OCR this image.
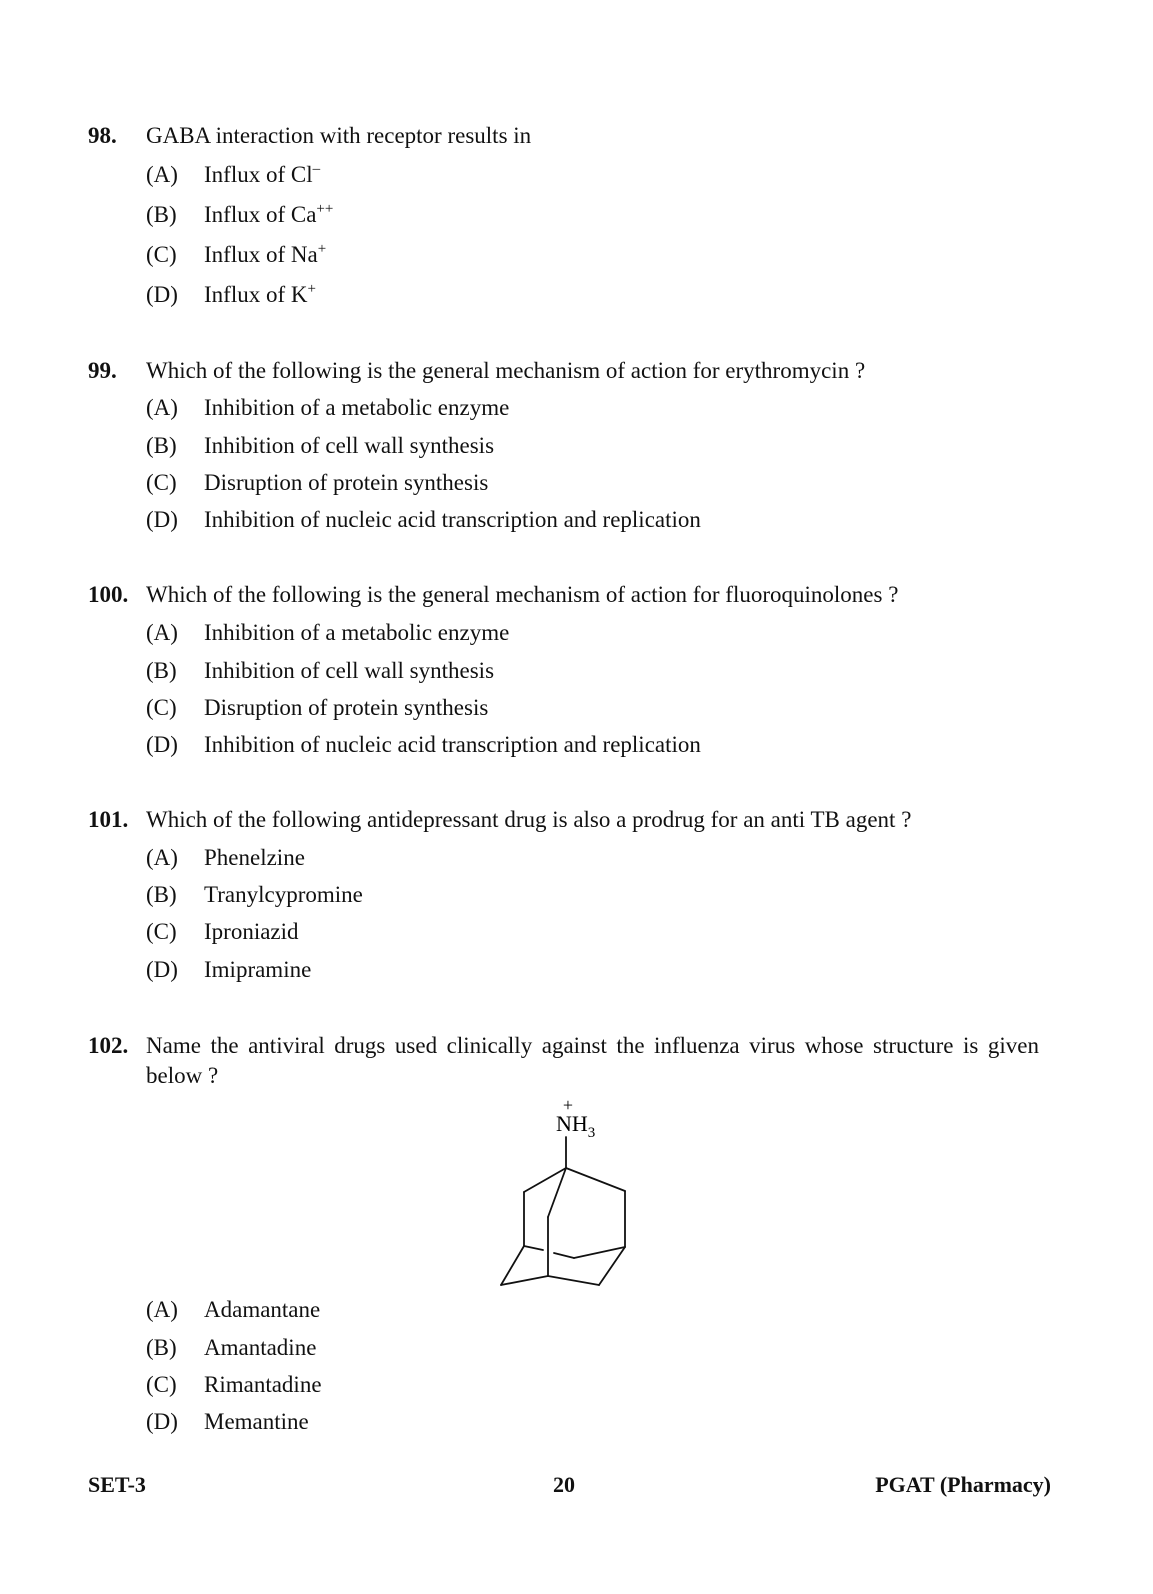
98. GABA interaction with receptor results in
(A) Influx of Cl–
(B) Influx of Ca++
(C) Influx of Na+
(D) Influx of K+
99. Which of the following is the general mechanism of action for erythromycin ?
(A) Inhibition of a metabolic enzyme
(B) Inhibition of cell wall synthesis
(C) Disruption of protein synthesis
(D) Inhibition of nucleic acid transcription and replication
100. Which of the following is the general mechanism of action for fluoroquinolones ?
(A) Inhibition of a metabolic enzyme
(B) Inhibition of cell wall synthesis
(C) Disruption of protein synthesis
(D) Inhibition of nucleic acid transcription and replication
101. Which of the following antidepressant drug is also a prodrug for an anti TB agent ?
(A) Phenelzine
(B) Tranylcypromine
(C) Iproniazid
(D) Imipramine
102. Name the antiviral drugs used clinically against the influenza virus whose structure is given below ?
+
$NH_3$
(A) Adamantane
(B) Amantadine
(C) Rimantadine
(D) Memantine
SET-3	20	PGAT (Pharmacy)
